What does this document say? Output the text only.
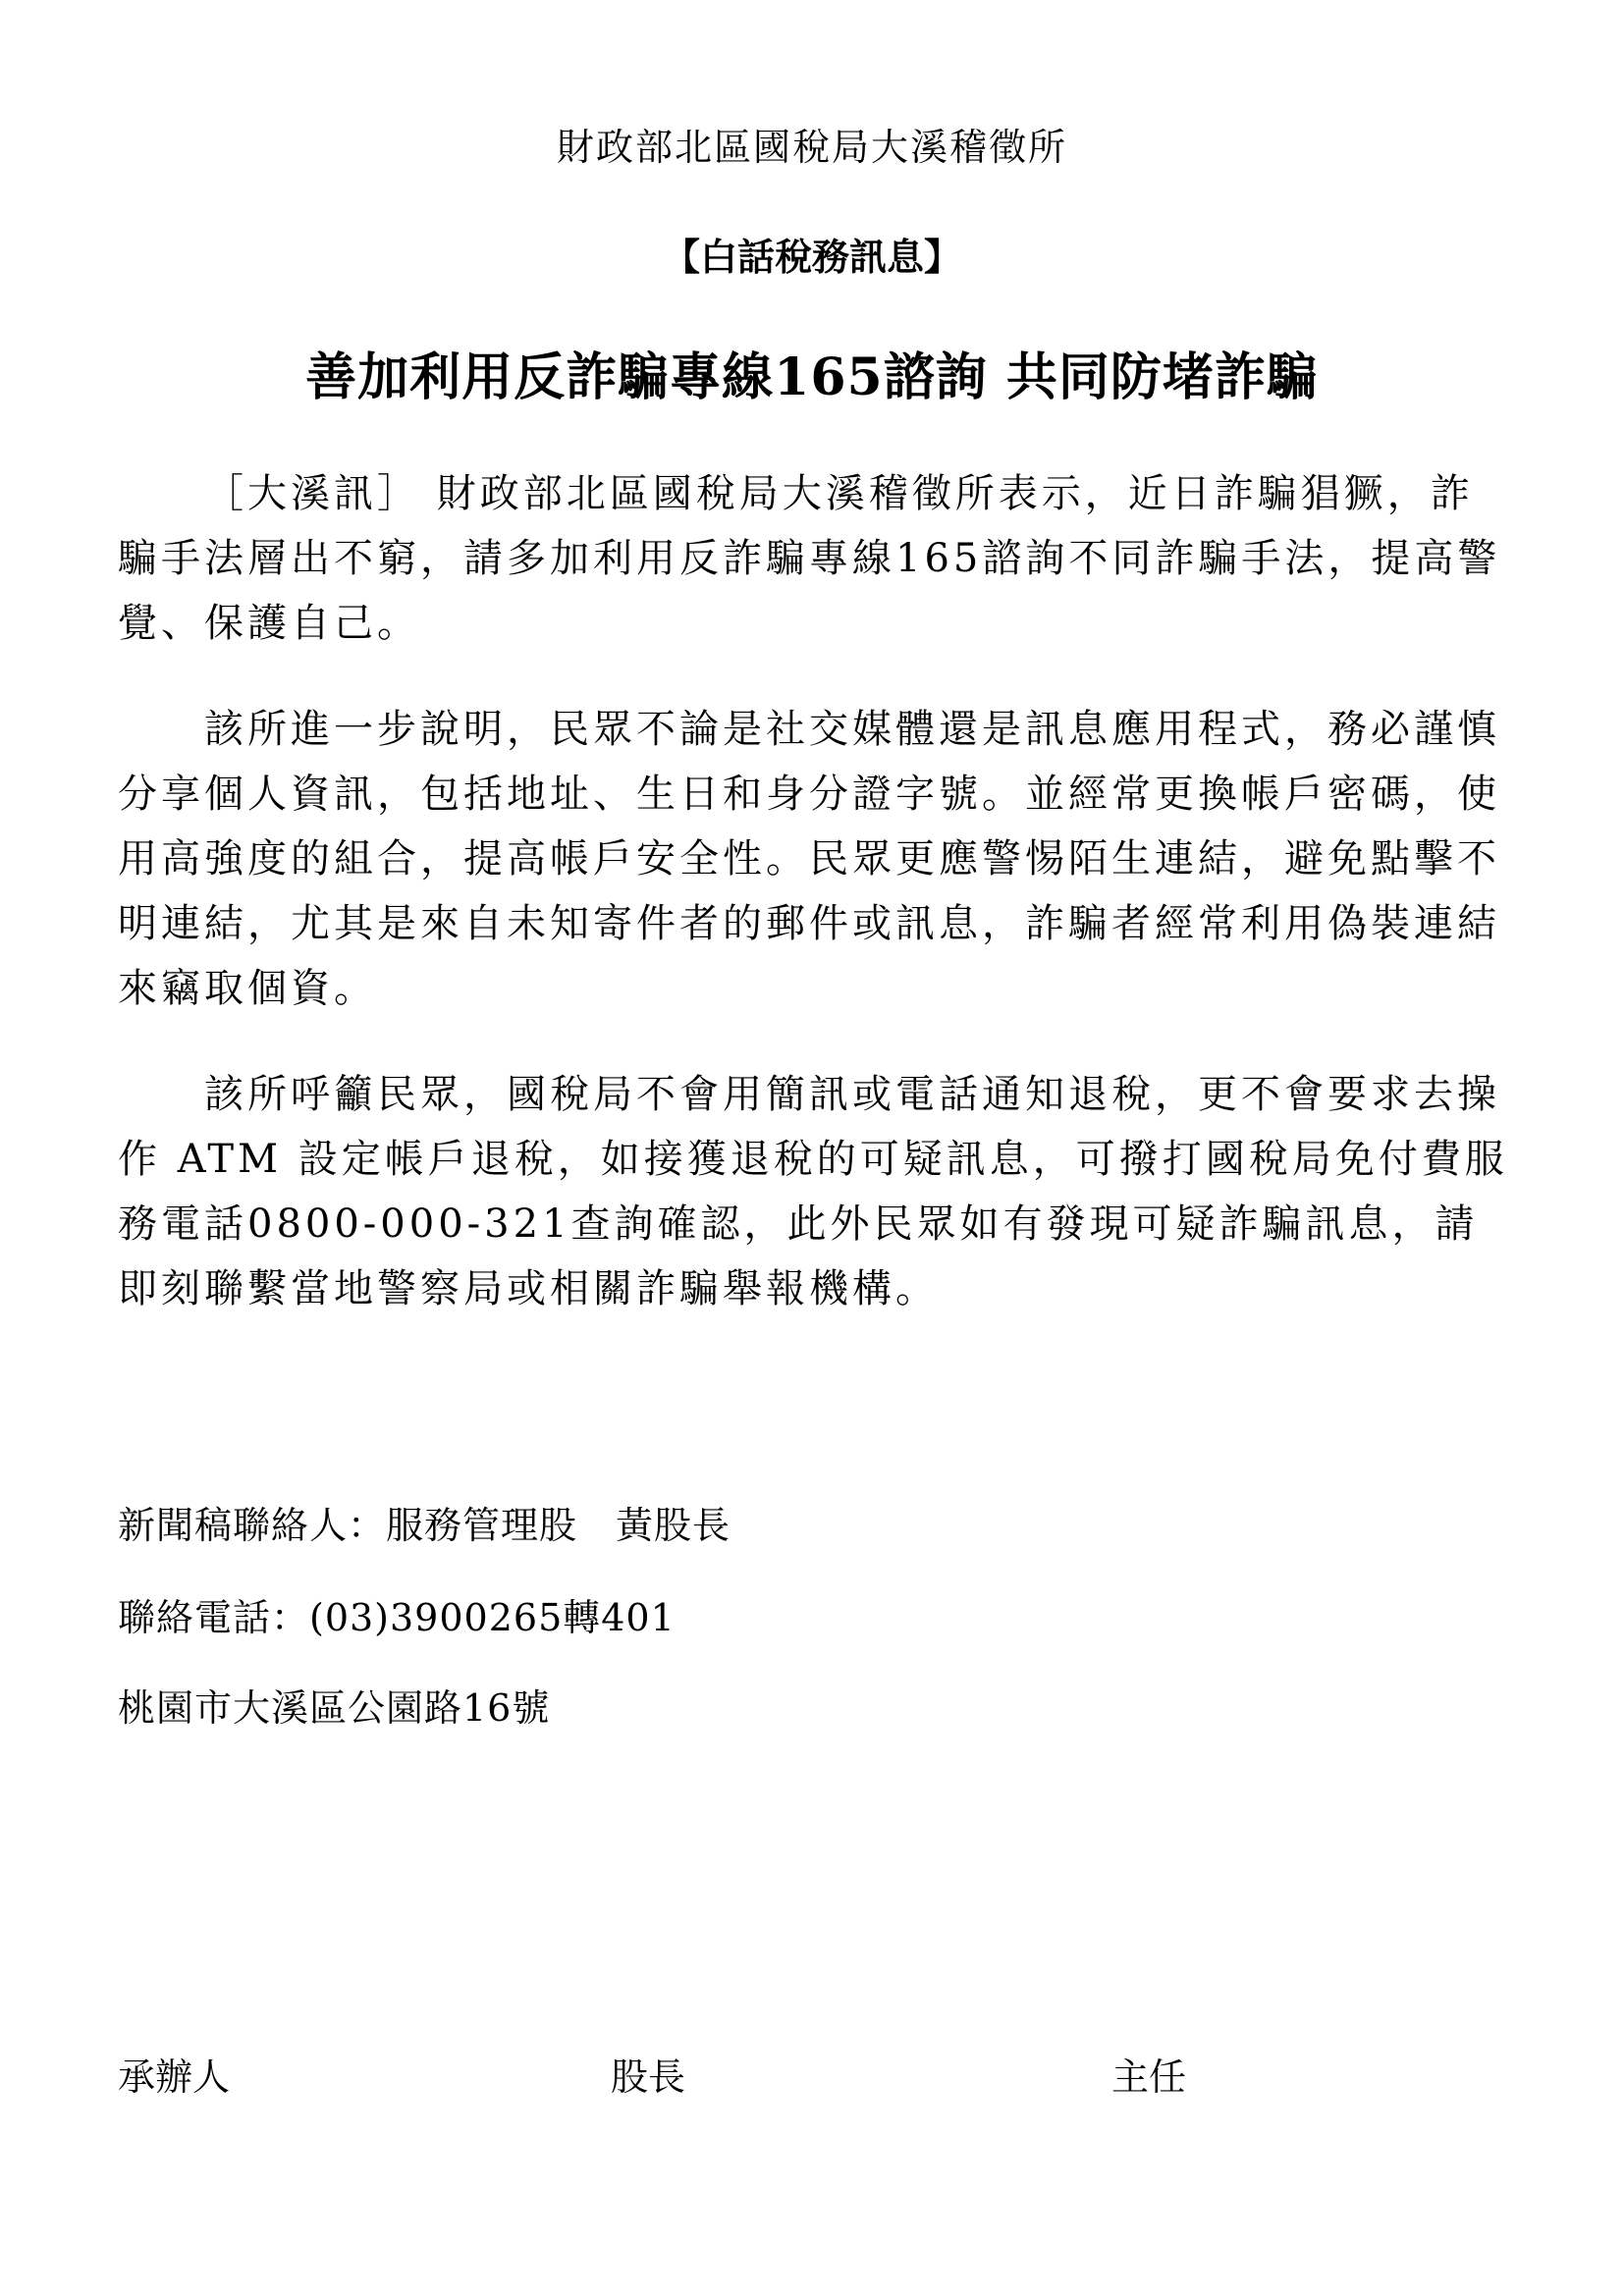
財政部北區國稅局大溪稽徵所
【白話稅務訊息】
善加利用反詐騙專線165諮詢 共同防堵詐騙

［大溪訊］ 財政部北區國稅局大溪稽徵所表示，近日詐騙猖獗，詐騙手法層出不窮，請多加利用反詐騙專線165諮詢不同詐騙手法，提高警覺、保護自己。

該所進一步說明，民眾不論是社交媒體還是訊息應用程式，務必謹慎分享個人資訊，包括地址、生日和身分證字號。並經常更換帳戶密碼，使用高強度的組合，提高帳戶安全性。民眾更應警惕陌生連結，避免點擊不明連結，尤其是來自未知寄件者的郵件或訊息，詐騙者經常利用偽裝連結來竊取個資。

該所呼籲民眾，國稅局不會用簡訊或電話通知退稅，更不會要求去操作 ATM 設定帳戶退稅，如接獲退稅的可疑訊息，可撥打國稅局免付費服務電話0800-000-321查詢確認，此外民眾如有發現可疑詐騙訊息，請即刻聯繫當地警察局或相關詐騙舉報機構。

新聞稿聯絡人：服務管理股　黃股長
聯絡電話：(03)3900265轉401
桃園市大溪區公園路16號
承辦人	股長	主任
